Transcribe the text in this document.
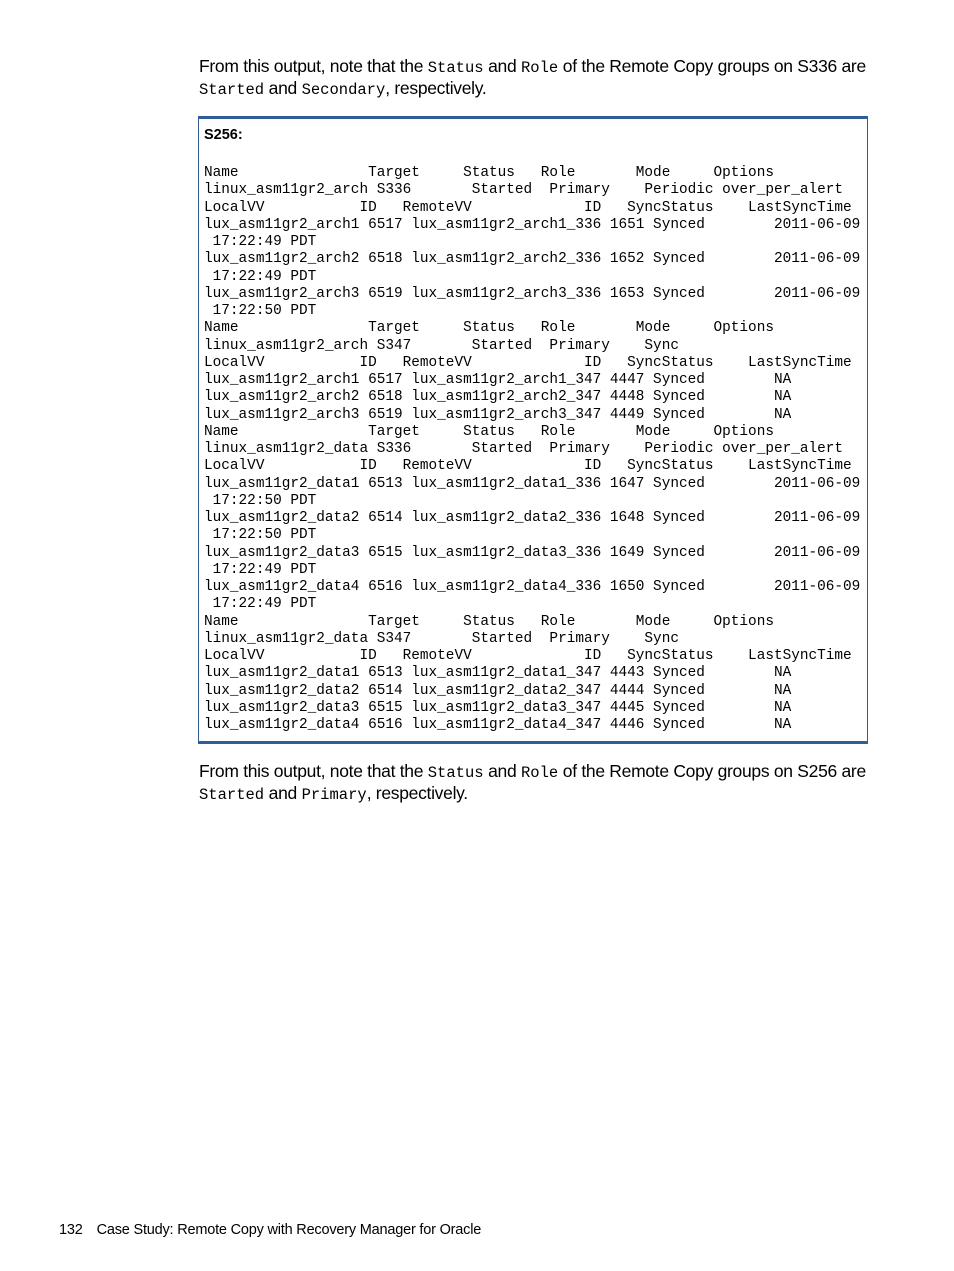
From this output, note that the Status and Role of the Remote Copy groups on S336 are Started and Secondary, respectively.

S256:
Name               Target     Status   Role       Mode     Options
linux_asm11gr2_arch S336       Started  Primary    Periodic over_per_alert
LocalVV           ID   RemoteVV             ID   SyncStatus    LastSyncTime
lux_asm11gr2_arch1 6517 lux_asm11gr2_arch1_336 1651 Synced        2011-06-09
17:22:49 PDT
lux_asm11gr2_arch2 6518 lux_asm11gr2_arch2_336 1652 Synced        2011-06-09
17:22:49 PDT
lux_asm11gr2_arch3 6519 lux_asm11gr2_arch3_336 1653 Synced        2011-06-09
17:22:50 PDT
Name               Target     Status   Role       Mode     Options
linux_asm11gr2_arch S347       Started  Primary    Sync
LocalVV           ID   RemoteVV             ID   SyncStatus    LastSyncTime
lux_asm11gr2_arch1 6517 lux_asm11gr2_arch1_347 4447 Synced        NA
lux_asm11gr2_arch2 6518 lux_asm11gr2_arch2_347 4448 Synced        NA
lux_asm11gr2_arch3 6519 lux_asm11gr2_arch3_347 4449 Synced        NA
Name               Target     Status   Role       Mode     Options
linux_asm11gr2_data S336       Started  Primary    Periodic over_per_alert
LocalVV           ID   RemoteVV             ID   SyncStatus    LastSyncTime
lux_asm11gr2_data1 6513 lux_asm11gr2_data1_336 1647 Synced        2011-06-09
17:22:50 PDT
lux_asm11gr2_data2 6514 lux_asm11gr2_data2_336 1648 Synced        2011-06-09
17:22:50 PDT
lux_asm11gr2_data3 6515 lux_asm11gr2_data3_336 1649 Synced        2011-06-09
17:22:49 PDT
lux_asm11gr2_data4 6516 lux_asm11gr2_data4_336 1650 Synced        2011-06-09
17:22:49 PDT
Name               Target     Status   Role       Mode     Options
linux_asm11gr2_data S347       Started  Primary    Sync
LocalVV           ID   RemoteVV             ID   SyncStatus    LastSyncTime
lux_asm11gr2_data1 6513 lux_asm11gr2_data1_347 4443 Synced        NA
lux_asm11gr2_data2 6514 lux_asm11gr2_data2_347 4444 Synced        NA
lux_asm11gr2_data3 6515 lux_asm11gr2_data3_347 4445 Synced        NA
lux_asm11gr2_data4 6516 lux_asm11gr2_data4_347 4446 Synced        NA

From this output, note that the Status and Role of the Remote Copy groups on S256 are Started and Primary, respectively.

132 Case Study: Remote Copy with Recovery Manager for Oracle
